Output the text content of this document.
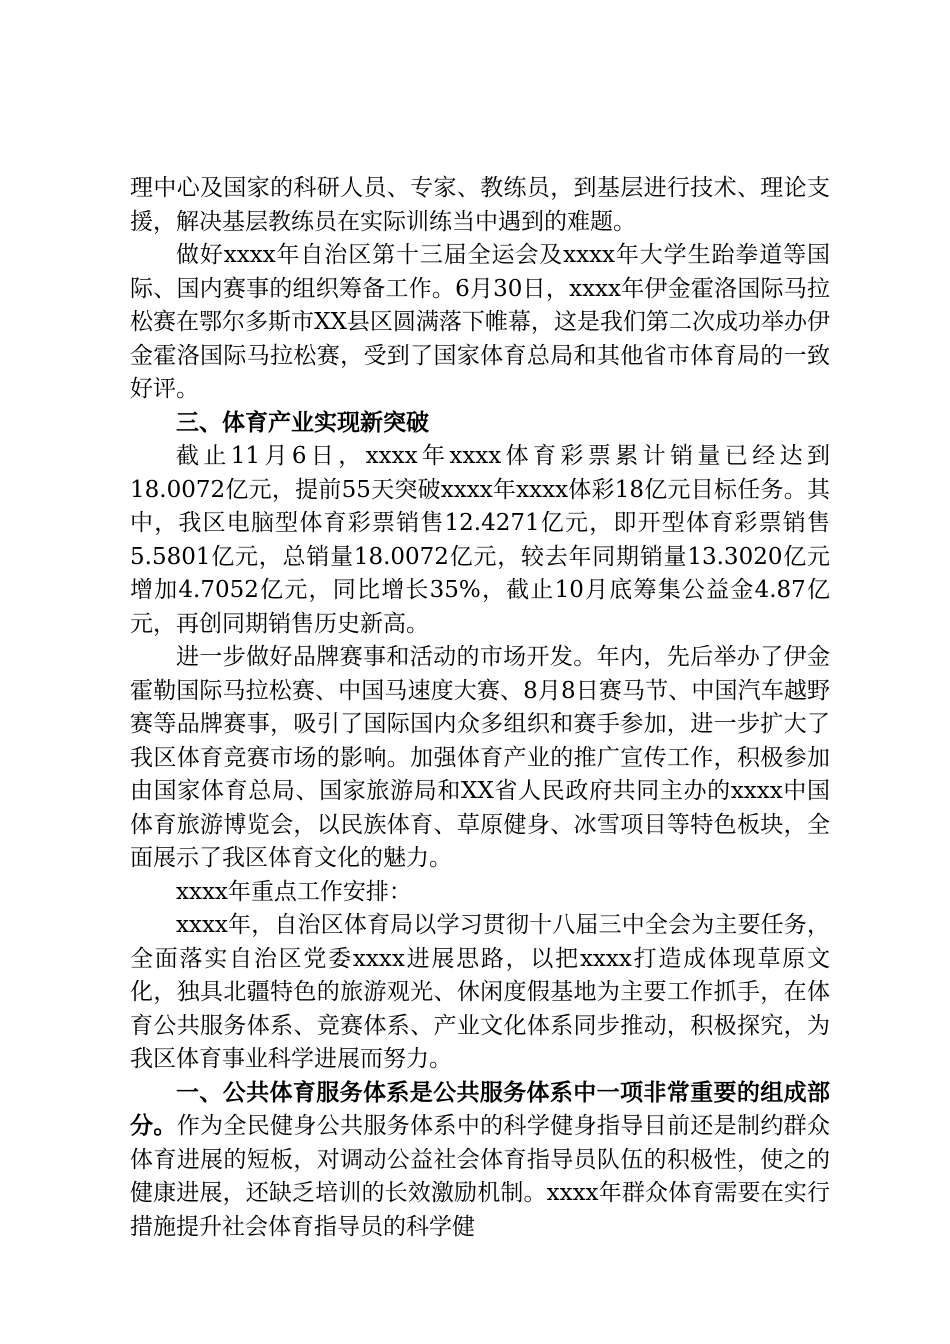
理中心及国家的科研人员、专家、教练员，到基层进行技术、理论支援，解决基层教练员在实际训练当中遇到的难题。

做好xxxx年自治区第十三届全运会及xxxx年大学生跆拳道等国际、国内赛事的组织筹备工作。6月30日，xxxx年伊金霍洛国际马拉松赛在鄂尔多斯市XX县区圆满落下帷幕，这是我们第二次成功举办伊金霍洛国际马拉松赛，受到了国家体育总局和其他省市体育局的一致好评。

三、体育产业实现新突破

截止11月6日，xxxx年xxxx体育彩票累计销量已经达到18.0072亿元，提前55天突破xxxx年xxxx体彩18亿元目标任务。其中，我区电脑型体育彩票销售12.4271亿元，即开型体育彩票销售5.5801亿元，总销量18.0072亿元，较去年同期销量13.3020亿元增加4.7052亿元，同比增长35%，截止10月底筹集公益金4.87亿元，再创同期销售历史新高。

进一步做好品牌赛事和活动的市场开发。年内，先后举办了伊金霍勒国际马拉松赛、中国马速度大赛、8月8日赛马节、中国汽车越野赛等品牌赛事，吸引了国际国内众多组织和赛手参加，进一步扩大了我区体育竞赛市场的影响。加强体育产业的推广宣传工作，积极参加由国家体育总局、国家旅游局和XX省人民政府共同主办的xxxx中国体育旅游博览会，以民族体育、草原健身、冰雪项目等特色板块，全面展示了我区体育文化的魅力。

xxxx年重点工作安排：

xxxx年，自治区体育局以学习贯彻十八届三中全会为主要任务，全面落实自治区党委xxxx进展思路，以把xxxx打造成体现草原文化，独具北疆特色的旅游观光、休闲度假基地为主要工作抓手，在体育公共服务体系、竞赛体系、产业文化体系同步推动，积极探究，为我区体育事业科学进展而努力。

一、公共体育服务体系是公共服务体系中一项非常重要的组成部分。作为全民健身公共服务体系中的科学健身指导目前还是制约群众体育进展的短板，对调动公益社会体育指导员队伍的积极性，使之的健康进展，还缺乏培训的长效激励机制。xxxx年群众体育需要在实行措施提升社会体育指导员的科学健
